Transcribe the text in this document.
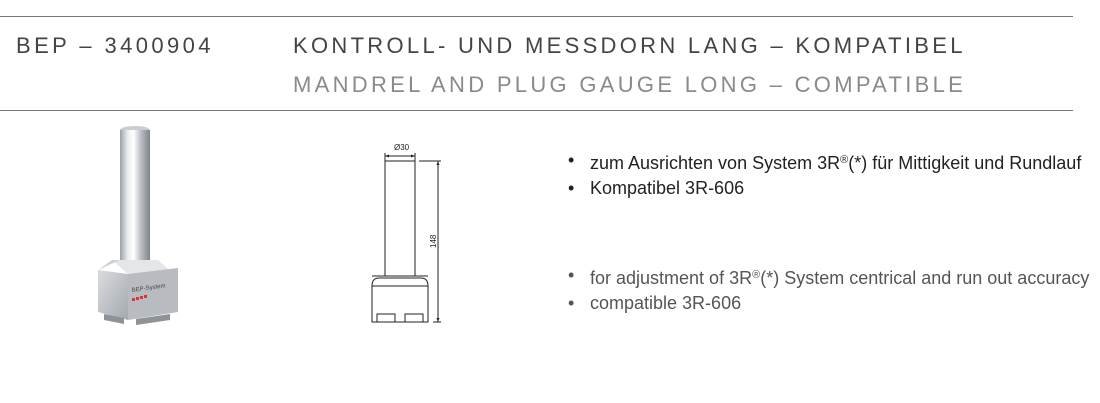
BEP – 3400904	KONTROLL- UND MESSDORN LANG – KOMPATIBEL
MANDREL AND PLUG GAUGE LONG – COMPATIBLE
BEP-System
Ø30
148
• zum Ausrichten von System 3R®(*) für Mittigkeit und Rundlauf
• Kompatibel 3R-606
• for adjustment of 3R®(*) System centrical and run out accuracy
• compatible 3R-606
